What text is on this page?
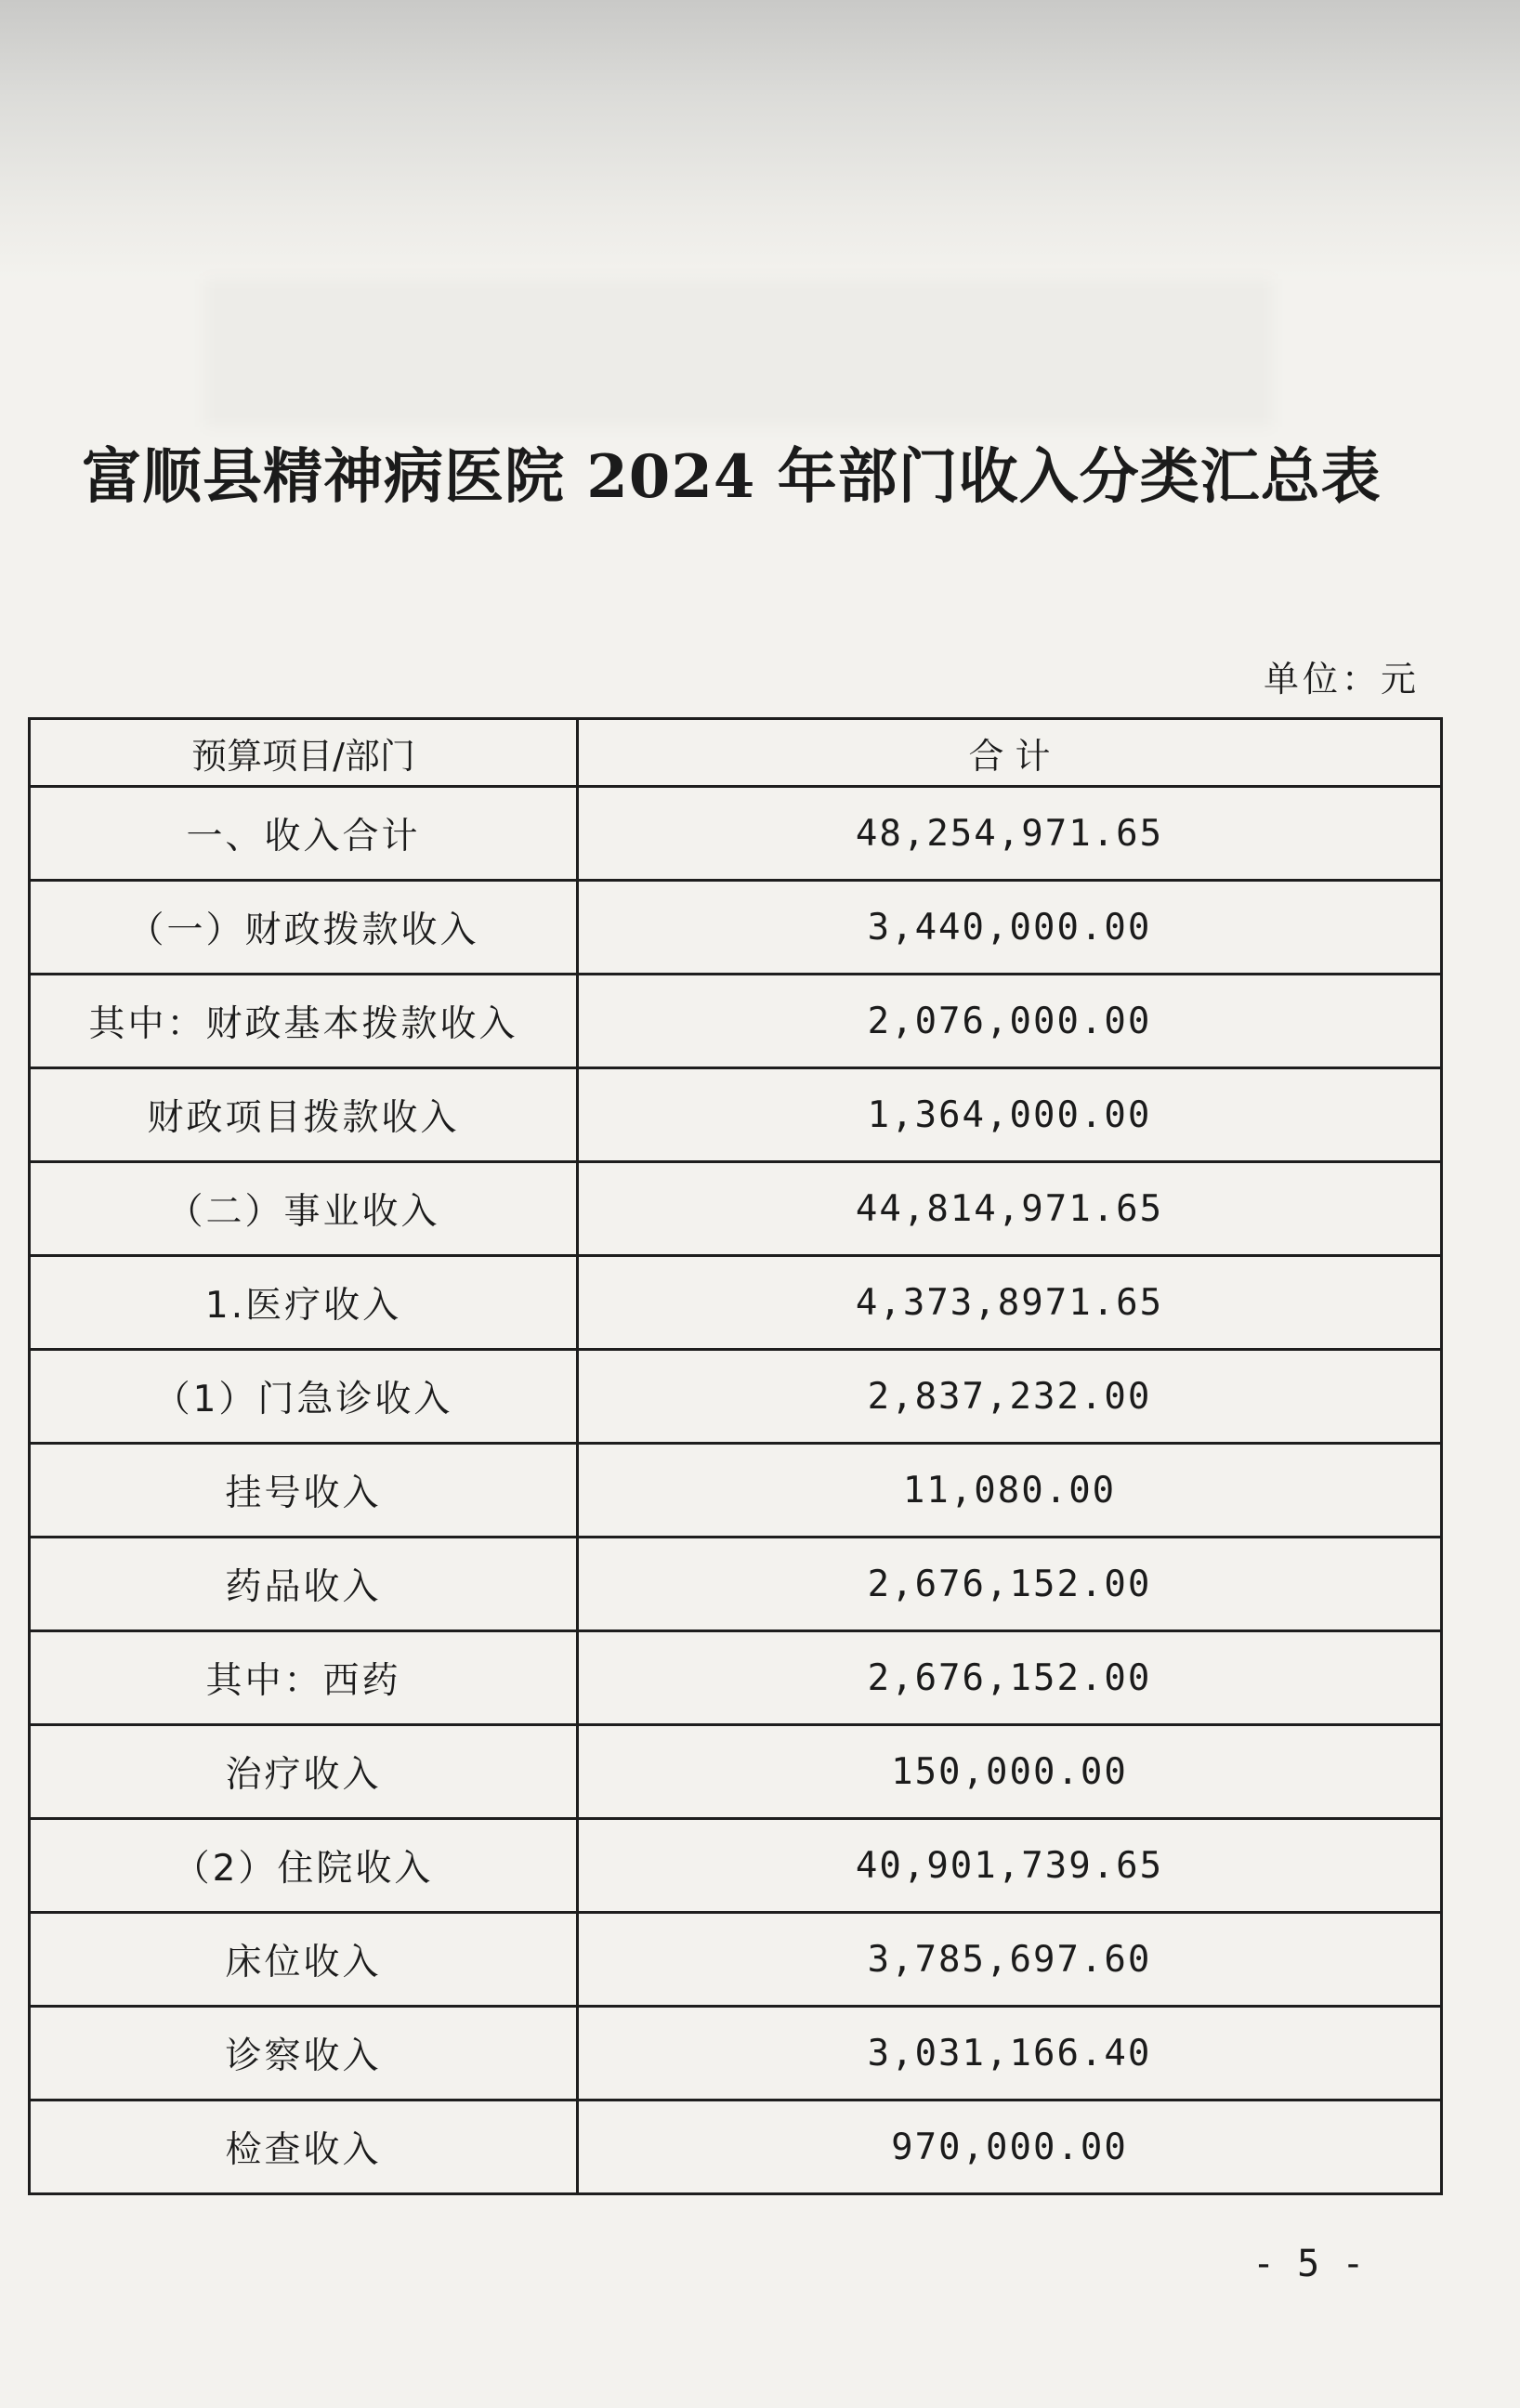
富顺县精神病医院 2024 年部门收入分类汇总表
单位：元
预算项目/部门	合 计
一、收入合计	48,254,971.65
（一）财政拨款收入	3,440,000.00
其中：财政基本拨款收入	2,076,000.00
财政项目拨款收入	1,364,000.00
（二）事业收入	44,814,971.65
1.医疗收入	4,373,8971.65
（1）门急诊收入	2,837,232.00
挂号收入	11,080.00
药品收入	2,676,152.00
其中：西药	2,676,152.00
治疗收入	150,000.00
（2）住院收入	40,901,739.65
床位收入	3,785,697.60
诊察收入	3,031,166.40
检查收入	970,000.00
- 5 -
